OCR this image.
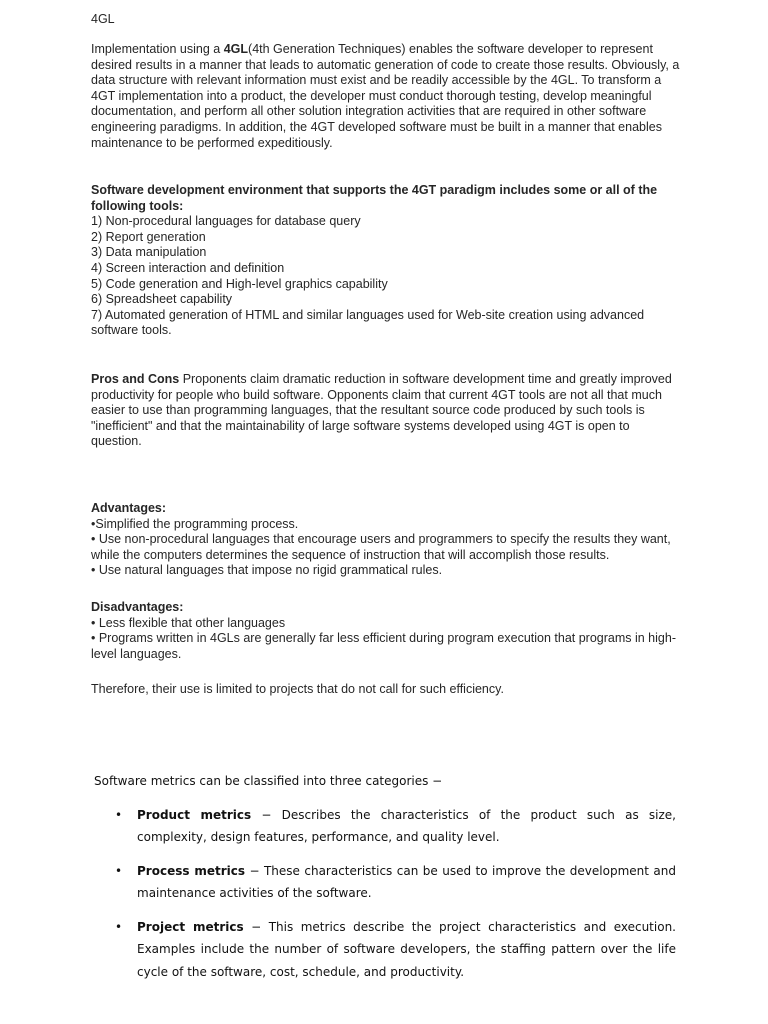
4GL

Implementation using a 4GL(4th Generation Techniques) enables the software developer to represent desired results in a manner that leads to automatic generation of code to create those results. Obviously, a data structure with relevant information must exist and be readily accessible by the 4GL. To transform a 4GT implementation into a product, the developer must conduct thorough testing, develop meaningful documentation, and perform all other solution integration activities that are required in other software engineering paradigms. In addition, the 4GT developed software must be built in a manner that enables maintenance to be performed expeditiously.

Software development environment that supports the 4GT paradigm includes some or all of the following tools:

1) Non-procedural languages for database query

2) Report generation

3) Data manipulation

4) Screen interaction and definition

5) Code generation and High-level graphics capability

6) Spreadsheet capability

7) Automated generation of HTML and similar languages used for Web-site creation using advanced software tools.

Pros and Cons Proponents claim dramatic reduction in software development time and greatly improved productivity for people who build software. Opponents claim that current 4GT tools are not all that much easier to use than programming languages, that the resultant source code produced by such tools is "inefficient" and that the maintainability of large software systems developed using 4GT is open to question.

Advantages:

•Simplified the programming process.

• Use non-procedural languages that encourage users and programmers to specify the results they want, while the computers determines the sequence of instruction that will accomplish those results.

• Use natural languages that impose no rigid grammatical rules.

Disadvantages:

• Less flexible that other languages

• Programs written in 4GLs are generally far less efficient during program execution that programs in high-level languages.

Therefore, their use is limited to projects that do not call for such efficiency.

Software metrics can be classified into three categories −

• Product metrics − Describes the characteristics of the product such as size, complexity, design features, performance, and quality level.
• Process metrics − These characteristics can be used to improve the development and maintenance activities of the software.
• Project metrics − This metrics describe the project characteristics and execution. Examples include the number of software developers, the staffing pattern over the life cycle of the software, cost, schedule, and productivity.
